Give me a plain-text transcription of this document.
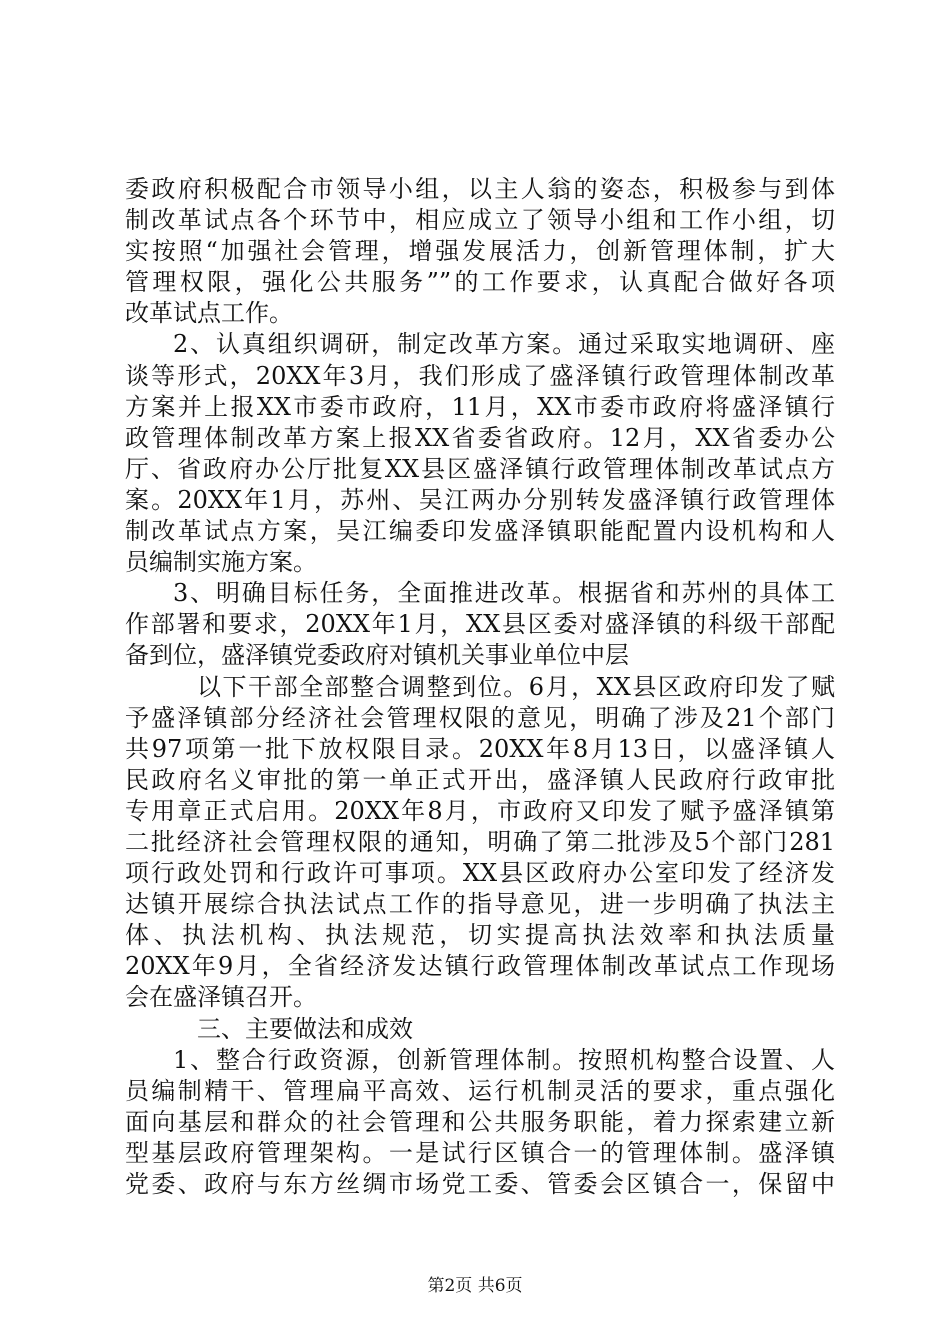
委政府积极配合市领导小组，以主人翁的姿态，积极参与到体
制改革试点各个环节中，相应成立了领导小组和工作小组，切
实按照“加强社会管理，增强发展活力，创新管理体制，扩大
管理权限，强化公共服务””的工作要求，认真配合做好各项
改革试点工作。
2、认真组织调研，制定改革方案。通过采取实地调研、座
谈等形式，20XX年3月，我们形成了盛泽镇行政管理体制改革
方案并上报XX市委市政府，11月，XX市委市政府将盛泽镇行
政管理体制改革方案上报XX省委省政府。12月，XX省委办公
厅、省政府办公厅批复XX县区盛泽镇行政管理体制改革试点方
案。20XX年1月，苏州、吴江两办分别转发盛泽镇行政管理体
制改革试点方案，吴江编委印发盛泽镇职能配置内设机构和人
员编制实施方案。
3、明确目标任务，全面推进改革。根据省和苏州的具体工
作部署和要求，20XX年1月，XX县区委对盛泽镇的科级干部配
备到位，盛泽镇党委政府对镇机关事业单位中层
以下干部全部整合调整到位。6月，XX县区政府印发了赋
予盛泽镇部分经济社会管理权限的意见，明确了涉及21个部门
共97项第一批下放权限目录。20XX年8月13日，以盛泽镇人
民政府名义审批的第一单正式开出，盛泽镇人民政府行政审批
专用章正式启用。20XX年8月，市政府又印发了赋予盛泽镇第
二批经济社会管理权限的通知，明确了第二批涉及5个部门281
项行政处罚和行政许可事项。XX县区政府办公室印发了经济发
达镇开展综合执法试点工作的指导意见，进一步明确了执法主
体、执法机构、执法规范，切实提高执法效率和执法质量
20XX年9月，全省经济发达镇行政管理体制改革试点工作现场
会在盛泽镇召开。
三、主要做法和成效
1、整合行政资源，创新管理体制。按照机构整合设置、人
员编制精干、管理扁平高效、运行机制灵活的要求，重点强化
面向基层和群众的社会管理和公共服务职能，着力探索建立新
型基层政府管理架构。一是试行区镇合一的管理体制。盛泽镇
党委、政府与东方丝绸市场党工委、管委会区镇合一，保留中
第2页 共6页
